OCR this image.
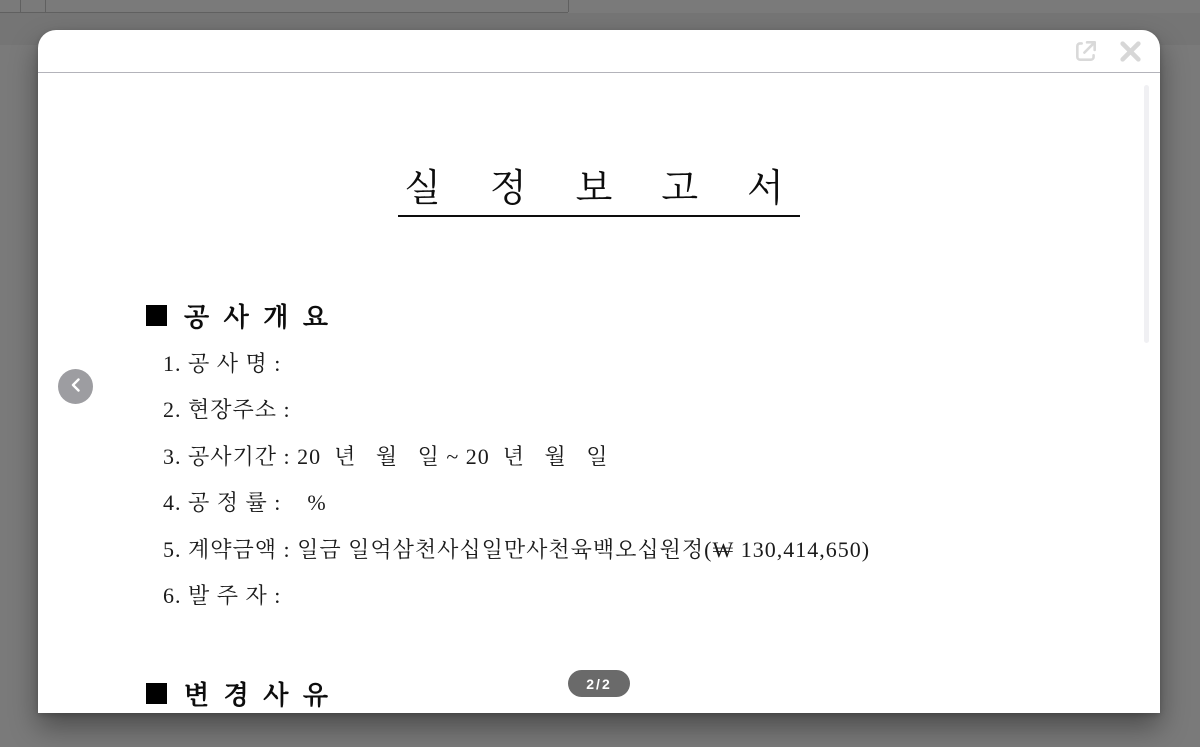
실  정  보  고  서
공 사 개 요
1. 공 사 명 :
2. 현장주소 :
3. 공사기간 : 20  년   월   일 ~ 20  년   월   일
4. 공 정 률 :    %
5. 계약금액 : 일금 일억삼천사십일만사천육백오십원정(₩ 130,414,650)
6. 발 주 자 :
변 경 사 유	2/2
